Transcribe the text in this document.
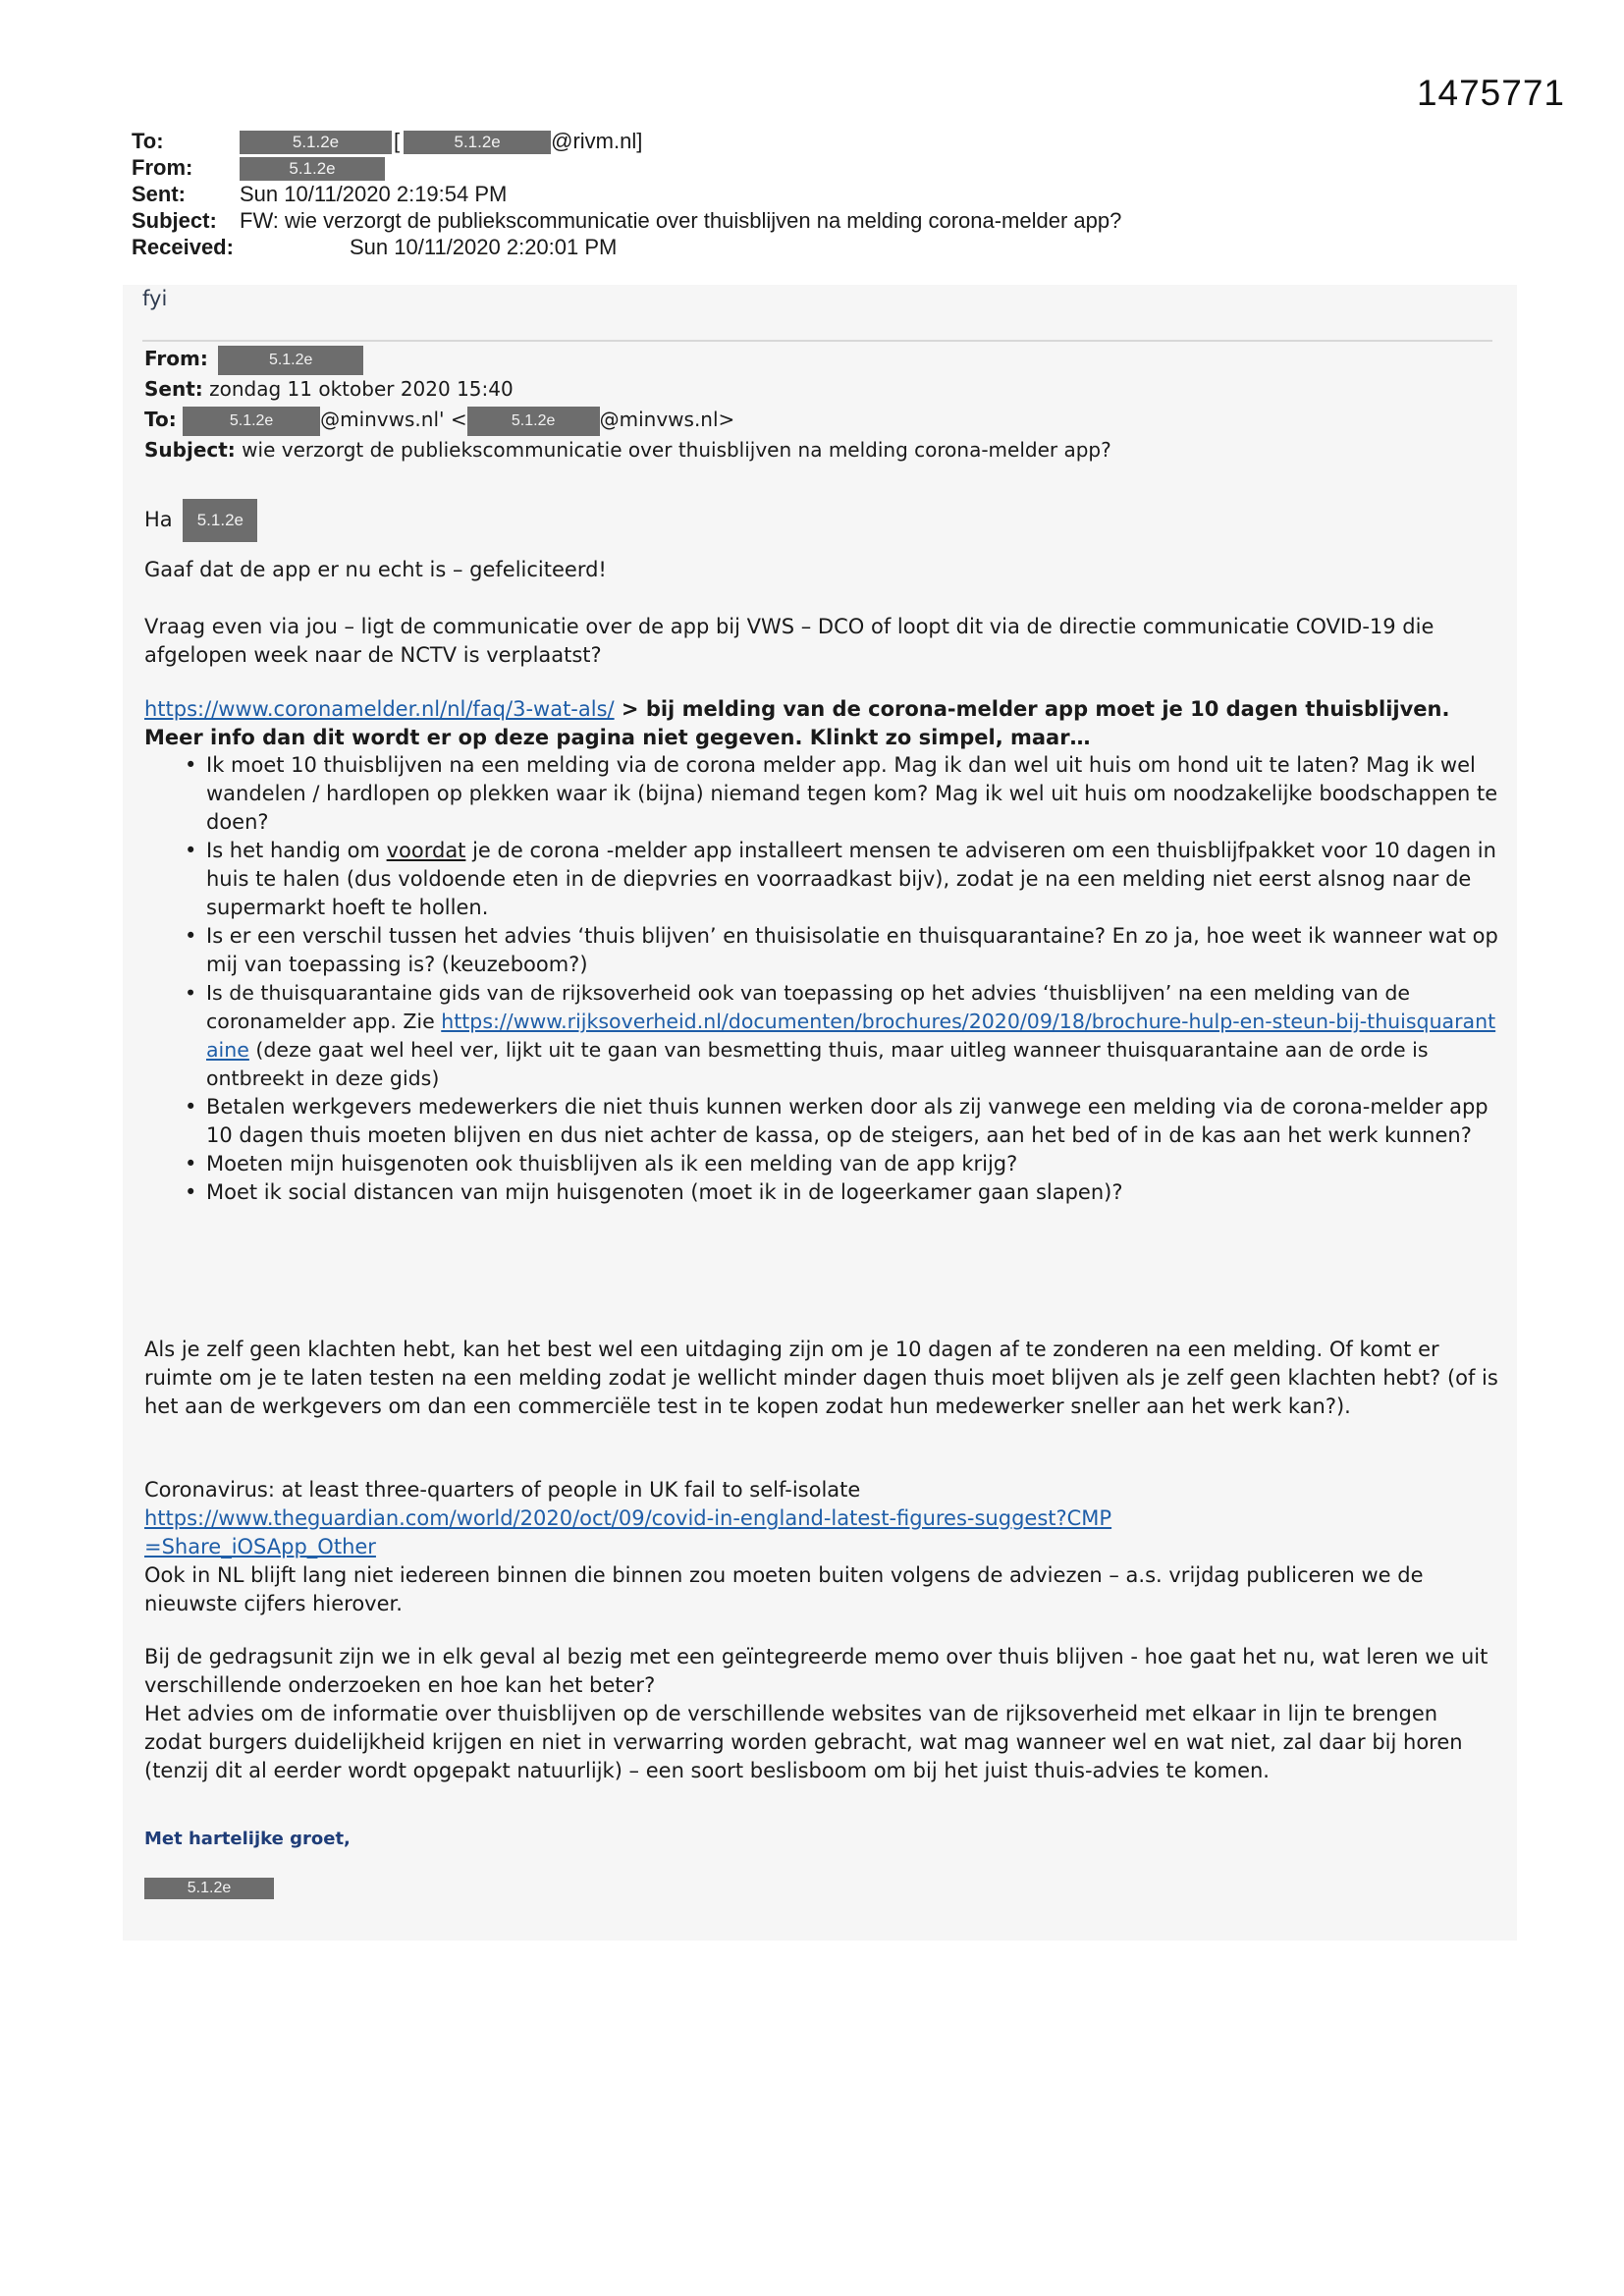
1475771
To:	5.1.2e	[	5.1.2e @rivm.nl]
From:	5.1.2e
Sent:	Sun 10/11/2020 2:19:54 PM
Subject: FW: wie verzorgt de publiekscommunicatie over thuisblijven na melding corona-melder app?
Received:	Sun 10/11/2020 2:20:01 PM
fyi
From:	5.1.2e
Sent: zondag 11 oktober 2020 15:40
To:	5.1.2e @minvws.nl' <	5.1.2e @minvws.nl>
Subject: wie verzorgt de publiekscommunicatie over thuisblijven na melding corona-melder app?
Ha 5.1.2e
Gaaf dat de app er nu echt is – gefeliciteerd!
Vraag even via jou – ligt de communicatie over de app bij VWS – DCO of loopt dit via de directie communicatie COVID-19 die afgelopen week naar de NCTV is verplaatst?
https://www.coronamelder.nl/nl/faq/3-wat-als/ > bij melding van de corona-melder app moet je 10 dagen thuisblijven. Meer info dan dit wordt er op deze pagina niet gegeven. Klinkt zo simpel, maar…
• Ik moet 10 thuisblijven na een melding via de corona melder app. Mag ik dan wel uit huis om hond uit te laten? Mag ik wel wandelen / hardlopen op plekken waar ik (bijna) niemand tegen kom? Mag ik wel uit huis om noodzakelijke boodschappen te doen?
• Is het handig om voordat je de corona -melder app installeert mensen te adviseren om een thuisblijfpakket voor 10 dagen in huis te halen (dus voldoende eten in de diepvries en voorraadkast bijv), zodat je na een melding niet eerst alsnog naar de supermarkt hoeft te hollen.
• Is er een verschil tussen het advies ‘thuis blijven’ en thuisisolatie en thuisquarantaine? En zo ja, hoe weet ik wanneer wat op mij van toepassing is? (keuzeboom?)
• Is de thuisquarantaine gids van de rijksoverheid ook van toepassing op het advies ‘thuisblijven’ na een melding van de coronamelder app. Zie https://www.rijksoverheid.nl/documenten/brochures/2020/09/18/brochure-hulp-en-steun-bij-thuisquarantaine (deze gaat wel heel ver, lijkt uit te gaan van besmetting thuis, maar uitleg wanneer thuisquarantaine aan de orde is ontbreekt in deze gids)
• Betalen werkgevers medewerkers die niet thuis kunnen werken door als zij vanwege een melding via de corona-melder app 10 dagen thuis moeten blijven en dus niet achter de kassa, op de steigers, aan het bed of in de kas aan het werk kunnen?
• Moeten mijn huisgenoten ook thuisblijven als ik een melding van de app krijg?
• Moet ik social distancen van mijn huisgenoten (moet ik in de logeerkamer gaan slapen)?
Als je zelf geen klachten hebt, kan het best wel een uitdaging zijn om je 10 dagen af te zonderen na een melding. Of komt er ruimte om je te laten testen na een melding zodat je wellicht minder dagen thuis moet blijven als je zelf geen klachten hebt? (of is het aan de werkgevers om dan een commerciële test in te kopen zodat hun medewerker sneller aan het werk kan?).
Coronavirus: at least three-quarters of people in UK fail to self-isolate
https://www.theguardian.com/world/2020/oct/09/covid-in-england-latest-figures-suggest?CMP=Share_iOSApp_Other
Ook in NL blijft lang niet iedereen binnen die binnen zou moeten buiten volgens de adviezen – a.s. vrijdag publiceren we de nieuwste cijfers hierover.
Bij de gedragsunit zijn we in elk geval al bezig met een geïntegreerde memo over thuis blijven - hoe gaat het nu, wat leren we uit verschillende onderzoeken en hoe kan het beter?
Het advies om de informatie over thuisblijven op de verschillende websites van de rijksoverheid met elkaar in lijn te brengen zodat burgers duidelijkheid krijgen en niet in verwarring worden gebracht, wat mag wanneer wel en wat niet, zal daar bij horen (tenzij dit al eerder wordt opgepakt natuurlijk) – een soort beslisboom om bij het juist thuis-advies te komen.
Met hartelijke groet,
5.1.2e
